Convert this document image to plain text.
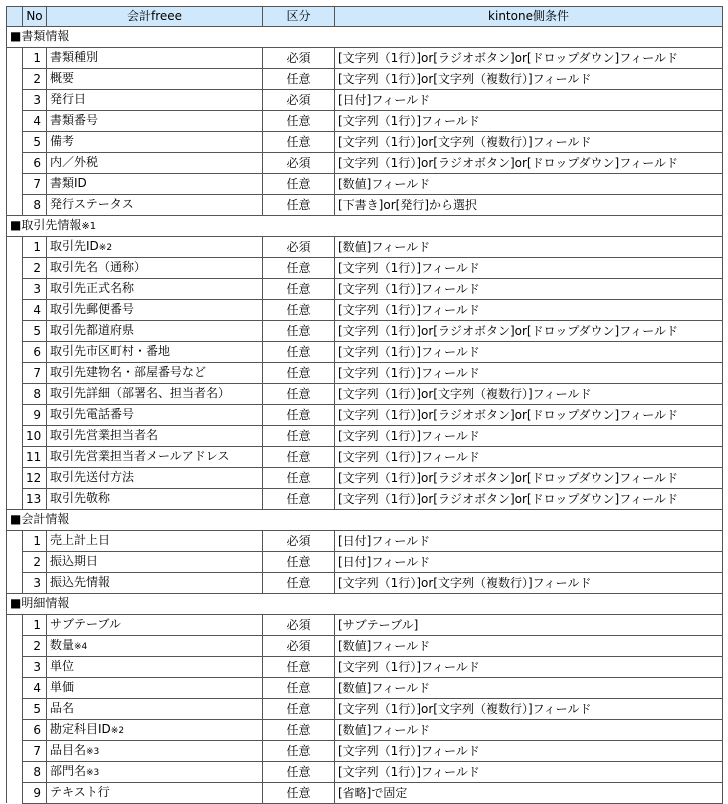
	No	会計freee	区分	kintone側条件
■書類情報				
	1	書類種別	必須	[文字列（1行）]or[ラジオボタン]or[ドロップダウン]フィールド
	2	概要	任意	[文字列（1行）]or[文字列（複数行）]フィールド
	3	発行日	必須	[日付]フィールド
	4	書類番号	任意	[文字列（1行）]フィールド
	5	備考	任意	[文字列（1行）]or[文字列（複数行）]フィールド
	6	内／外税	必須	[文字列（1行）]or[ラジオボタン]or[ドロップダウン]フィールド
	7	書類ID	任意	[数値]フィールド
	8	発行ステータス	任意	[下書き]or[発行]から選択
■取引先情報※1				
	1	取引先ID※2	必須	[数値]フィールド
	2	取引先名（通称）	任意	[文字列（1行）]フィールド
	3	取引先正式名称	任意	[文字列（1行）]フィールド
	4	取引先郵便番号	任意	[文字列（1行）]フィールド
	5	取引先都道府県	任意	[文字列（1行）]or[ラジオボタン]or[ドロップダウン]フィールド
	6	取引先市区町村・番地	任意	[文字列（1行）]フィールド
	7	取引先建物名・部屋番号など	任意	[文字列（1行）]フィールド
	8	取引先詳細（部署名、担当者名）	任意	[文字列（1行）]or[文字列（複数行）]フィールド
	9	取引先電話番号	任意	[文字列（1行）]or[ラジオボタン]or[ドロップダウン]フィールド
	10	取引先営業担当者名	任意	[文字列（1行）]フィールド
	11	取引先営業担当者メールアドレス	任意	[文字列（1行）]フィールド
	12	取引先送付方法	任意	[文字列（1行）]or[ラジオボタン]or[ドロップダウン]フィールド
	13	取引先敬称	任意	[文字列（1行）]or[ラジオボタン]or[ドロップダウン]フィールド
■会計情報				
	1	売上計上日	必須	[日付]フィールド
	2	振込期日	任意	[日付]フィールド
	3	振込先情報	任意	[文字列（1行）]or[文字列（複数行）]フィールド
■明細情報				
	1	サブテーブル	必須	[サブテーブル]
	2	数量※4	必須	[数値]フィールド
	3	単位	任意	[文字列（1行）]フィールド
	4	単価	任意	[数値]フィールド
	5	品名	任意	[文字列（1行）]or[文字列（複数行）]フィールド
	6	勘定科目ID※2	任意	[数値]フィールド
	7	品目名※3	任意	[文字列（1行）]フィールド
	8	部門名※3	任意	[文字列（1行）]フィールド
	9	テキスト行	任意	[省略]で固定
